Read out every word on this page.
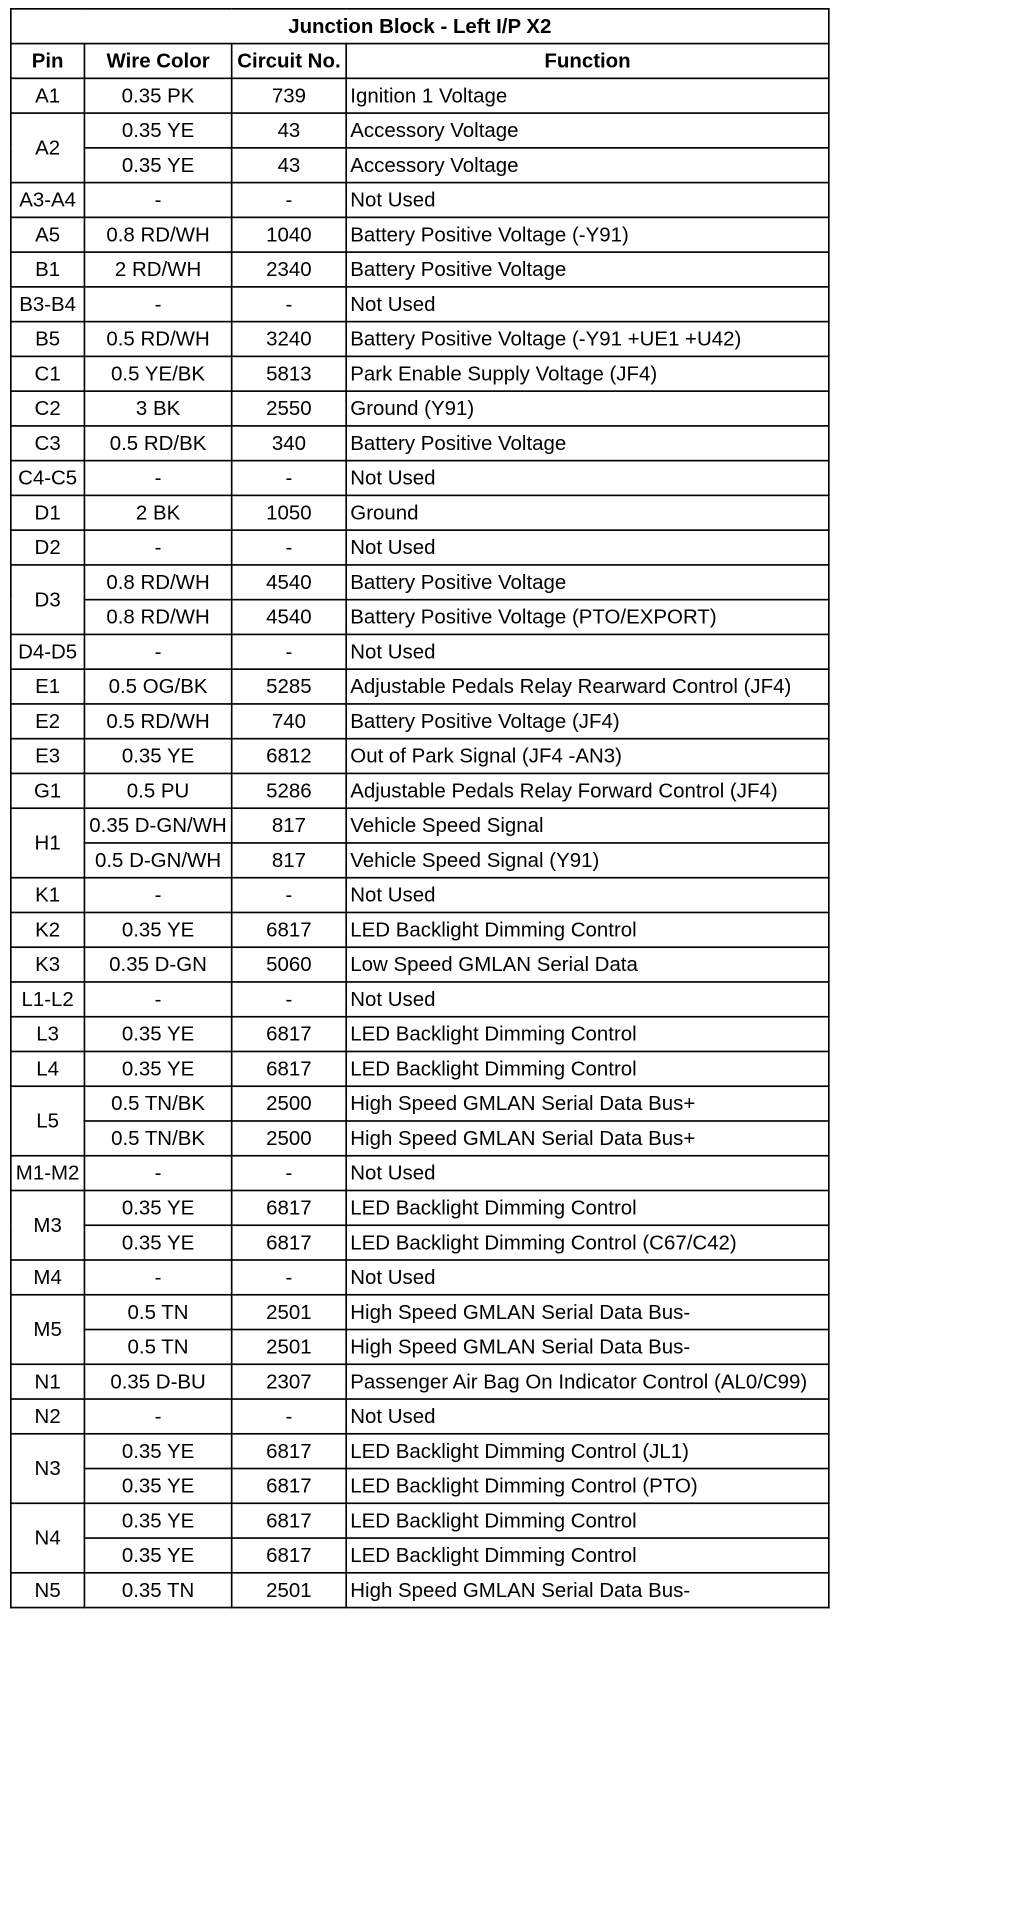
Junction Block - Left I/P X2			
Pin	Wire Color	Circuit No.	Function
A1	0.35 PK	739	Ignition 1 Voltage
A2	0.35 YE	43	Accessory Voltage
	0.35 YE	43	Accessory Voltage
A3-A4	-	-	Not Used
A5	0.8 RD/WH	1040	Battery Positive Voltage (-Y91)
B1	2 RD/WH	2340	Battery Positive Voltage
B3-B4	-	-	Not Used
B5	0.5 RD/WH	3240	Battery Positive Voltage (-Y91 +UE1 +U42)
C1	0.5 YE/BK	5813	Park Enable Supply Voltage (JF4)
C2	3 BK	2550	Ground (Y91)
C3	0.5 RD/BK	340	Battery Positive Voltage
C4-C5	-	-	Not Used
D1	2 BK	1050	Ground
D2	-	-	Not Used
D3	0.8 RD/WH	4540	Battery Positive Voltage
	0.8 RD/WH	4540	Battery Positive Voltage (PTO/EXPORT)
D4-D5	-	-	Not Used
E1	0.5 OG/BK	5285	Adjustable Pedals Relay Rearward Control (JF4)
E2	0.5 RD/WH	740	Battery Positive Voltage (JF4)
E3	0.35 YE	6812	Out of Park Signal (JF4 -AN3)
G1	0.5 PU	5286	Adjustable Pedals Relay Forward Control (JF4)
H1	0.35 D-GN/WH	817	Vehicle Speed Signal
	0.5 D-GN/WH	817	Vehicle Speed Signal (Y91)
K1	-	-	Not Used
K2	0.35 YE	6817	LED Backlight Dimming Control
K3	0.35 D-GN	5060	Low Speed GMLAN Serial Data
L1-L2	-	-	Not Used
L3	0.35 YE	6817	LED Backlight Dimming Control
L4	0.35 YE	6817	LED Backlight Dimming Control
L5	0.5 TN/BK	2500	High Speed GMLAN Serial Data Bus+
	0.5 TN/BK	2500	High Speed GMLAN Serial Data Bus+
M1-M2	-	-	Not Used
M3	0.35 YE	6817	LED Backlight Dimming Control
	0.35 YE	6817	LED Backlight Dimming Control (C67/C42)
M4	-	-	Not Used
M5	0.5 TN	2501	High Speed GMLAN Serial Data Bus-
	0.5 TN	2501	High Speed GMLAN Serial Data Bus-
N1	0.35 D-BU	2307	Passenger Air Bag On Indicator Control (AL0/C99)
N2	-	-	Not Used
N3	0.35 YE	6817	LED Backlight Dimming Control (JL1)
	0.35 YE	6817	LED Backlight Dimming Control (PTO)
N4	0.35 YE	6817	LED Backlight Dimming Control
	0.35 YE	6817	LED Backlight Dimming Control
N5	0.35 TN	2501	High Speed GMLAN Serial Data Bus-
